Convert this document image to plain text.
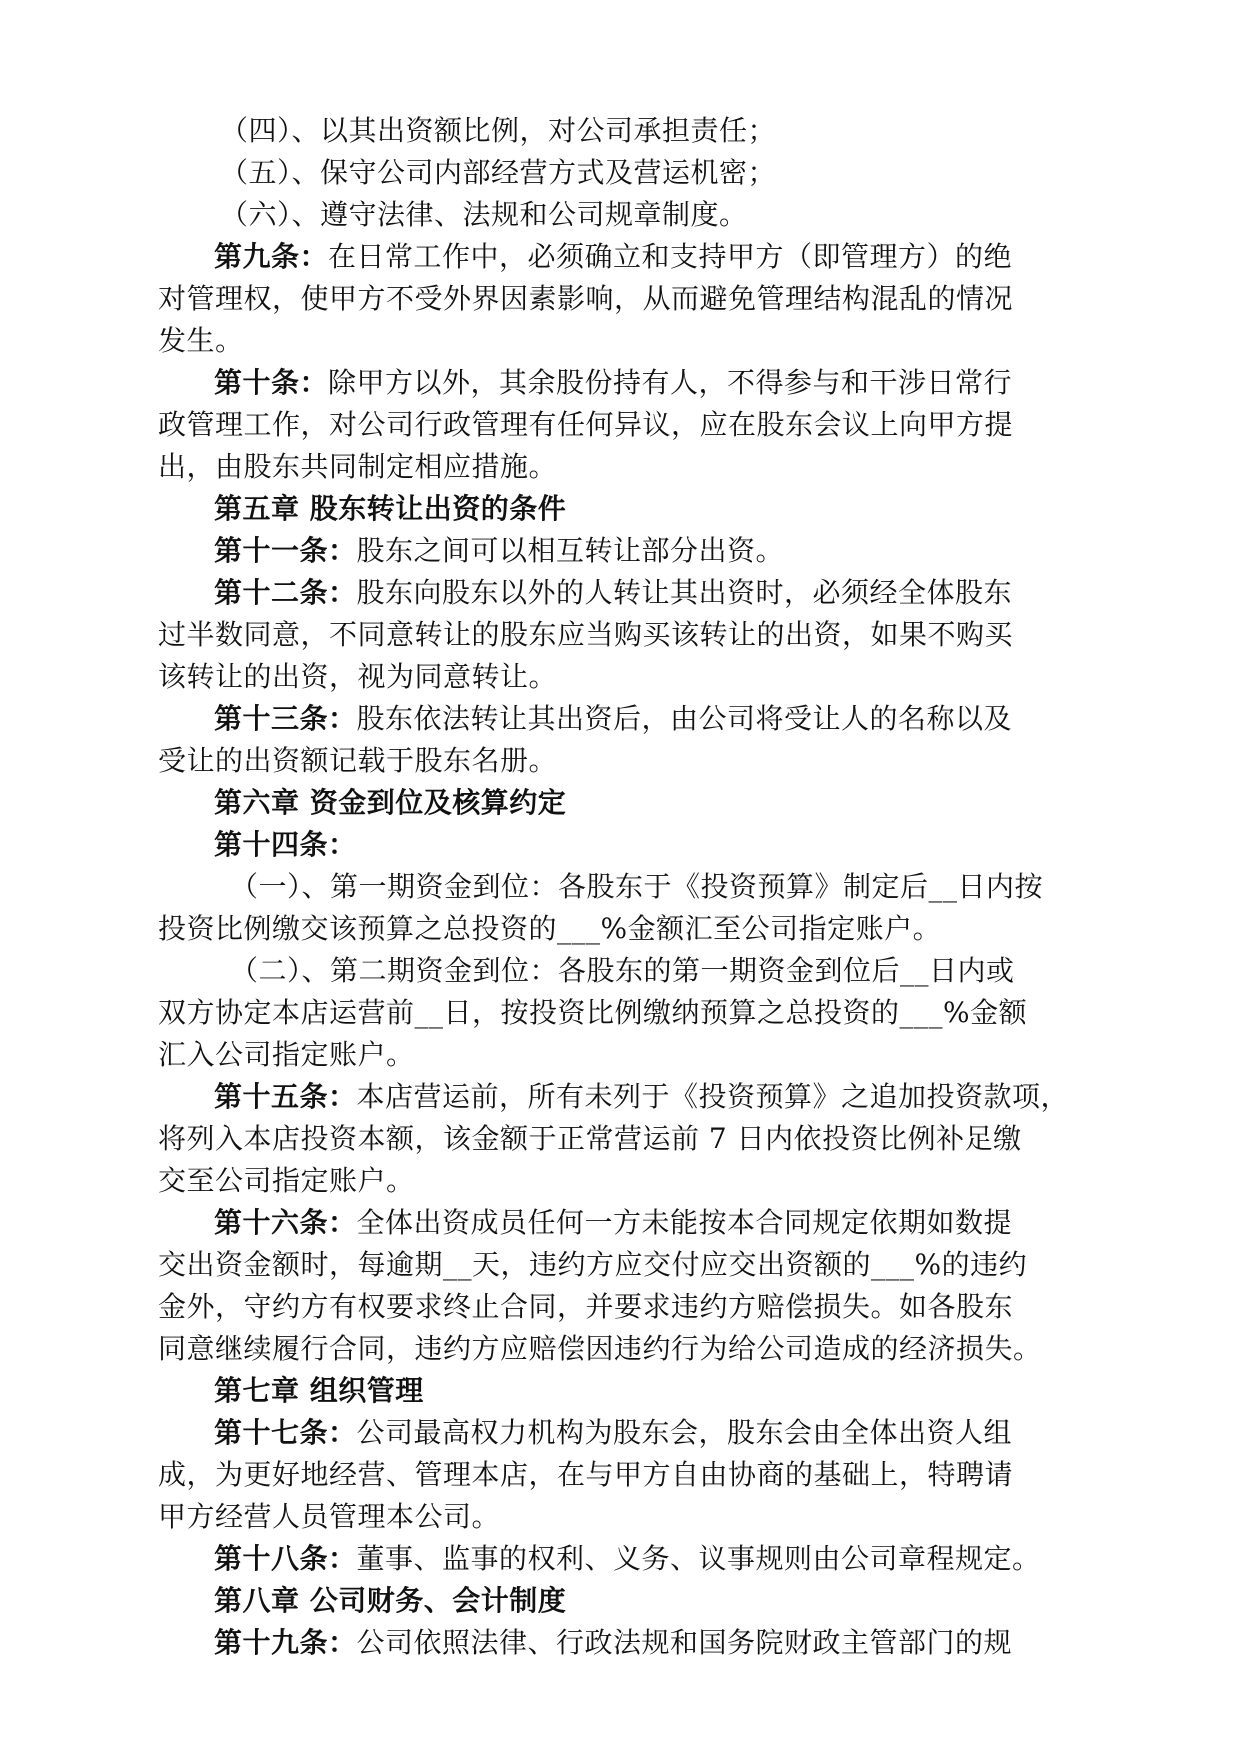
（四）、以其出资额比例，对公司承担责任；
（五）、保守公司内部经营方式及营运机密；
（六）、遵守法律、法规和公司规章制度。
第九条：在日常工作中，必须确立和支持甲方（即管理方）的绝
对管理权，使甲方不受外界因素影响，从而避免管理结构混乱的情况
发生。
第十条：除甲方以外，其余股份持有人，不得参与和干涉日常行
政管理工作，对公司行政管理有任何异议，应在股东会议上向甲方提
出，由股东共同制定相应措施。
第五章 股东转让出资的条件
第十一条：股东之间可以相互转让部分出资。
第十二条：股东向股东以外的人转让其出资时，必须经全体股东
过半数同意，不同意转让的股东应当购买该转让的出资，如果不购买
该转让的出资，视为同意转让。
第十三条：股东依法转让其出资后，由公司将受让人的名称以及
受让的出资额记载于股东名册。
第六章 资金到位及核算约定
第十四条：
（一）、第一期资金到位：各股东于《投资预算》制定后__日内按
投资比例缴交该预算之总投资的___%金额汇至公司指定账户。
（二）、第二期资金到位：各股东的第一期资金到位后__日内或
双方协定本店运营前__日，按投资比例缴纳预算之总投资的___%金额
汇入公司指定账户。
第十五条：本店营运前，所有未列于《投资预算》之追加投资款项，
将列入本店投资本额，该金额于正常营运前 7 日内依投资比例补足缴
交至公司指定账户。
第十六条：全体出资成员任何一方未能按本合同规定依期如数提
交出资金额时，每逾期__天，违约方应交付应交出资额的___%的违约
金外，守约方有权要求终止合同，并要求违约方赔偿损失。如各股东
同意继续履行合同，违约方应赔偿因违约行为给公司造成的经济损失。
第七章 组织管理
第十七条：公司最高权力机构为股东会，股东会由全体出资人组
成，为更好地经营、管理本店，在与甲方自由协商的基础上，特聘请
甲方经营人员管理本公司。
第十八条：董事、监事的权利、义务、议事规则由公司章程规定。
第八章 公司财务、会计制度
第十九条：公司依照法律、行政法规和国务院财政主管部门的规
